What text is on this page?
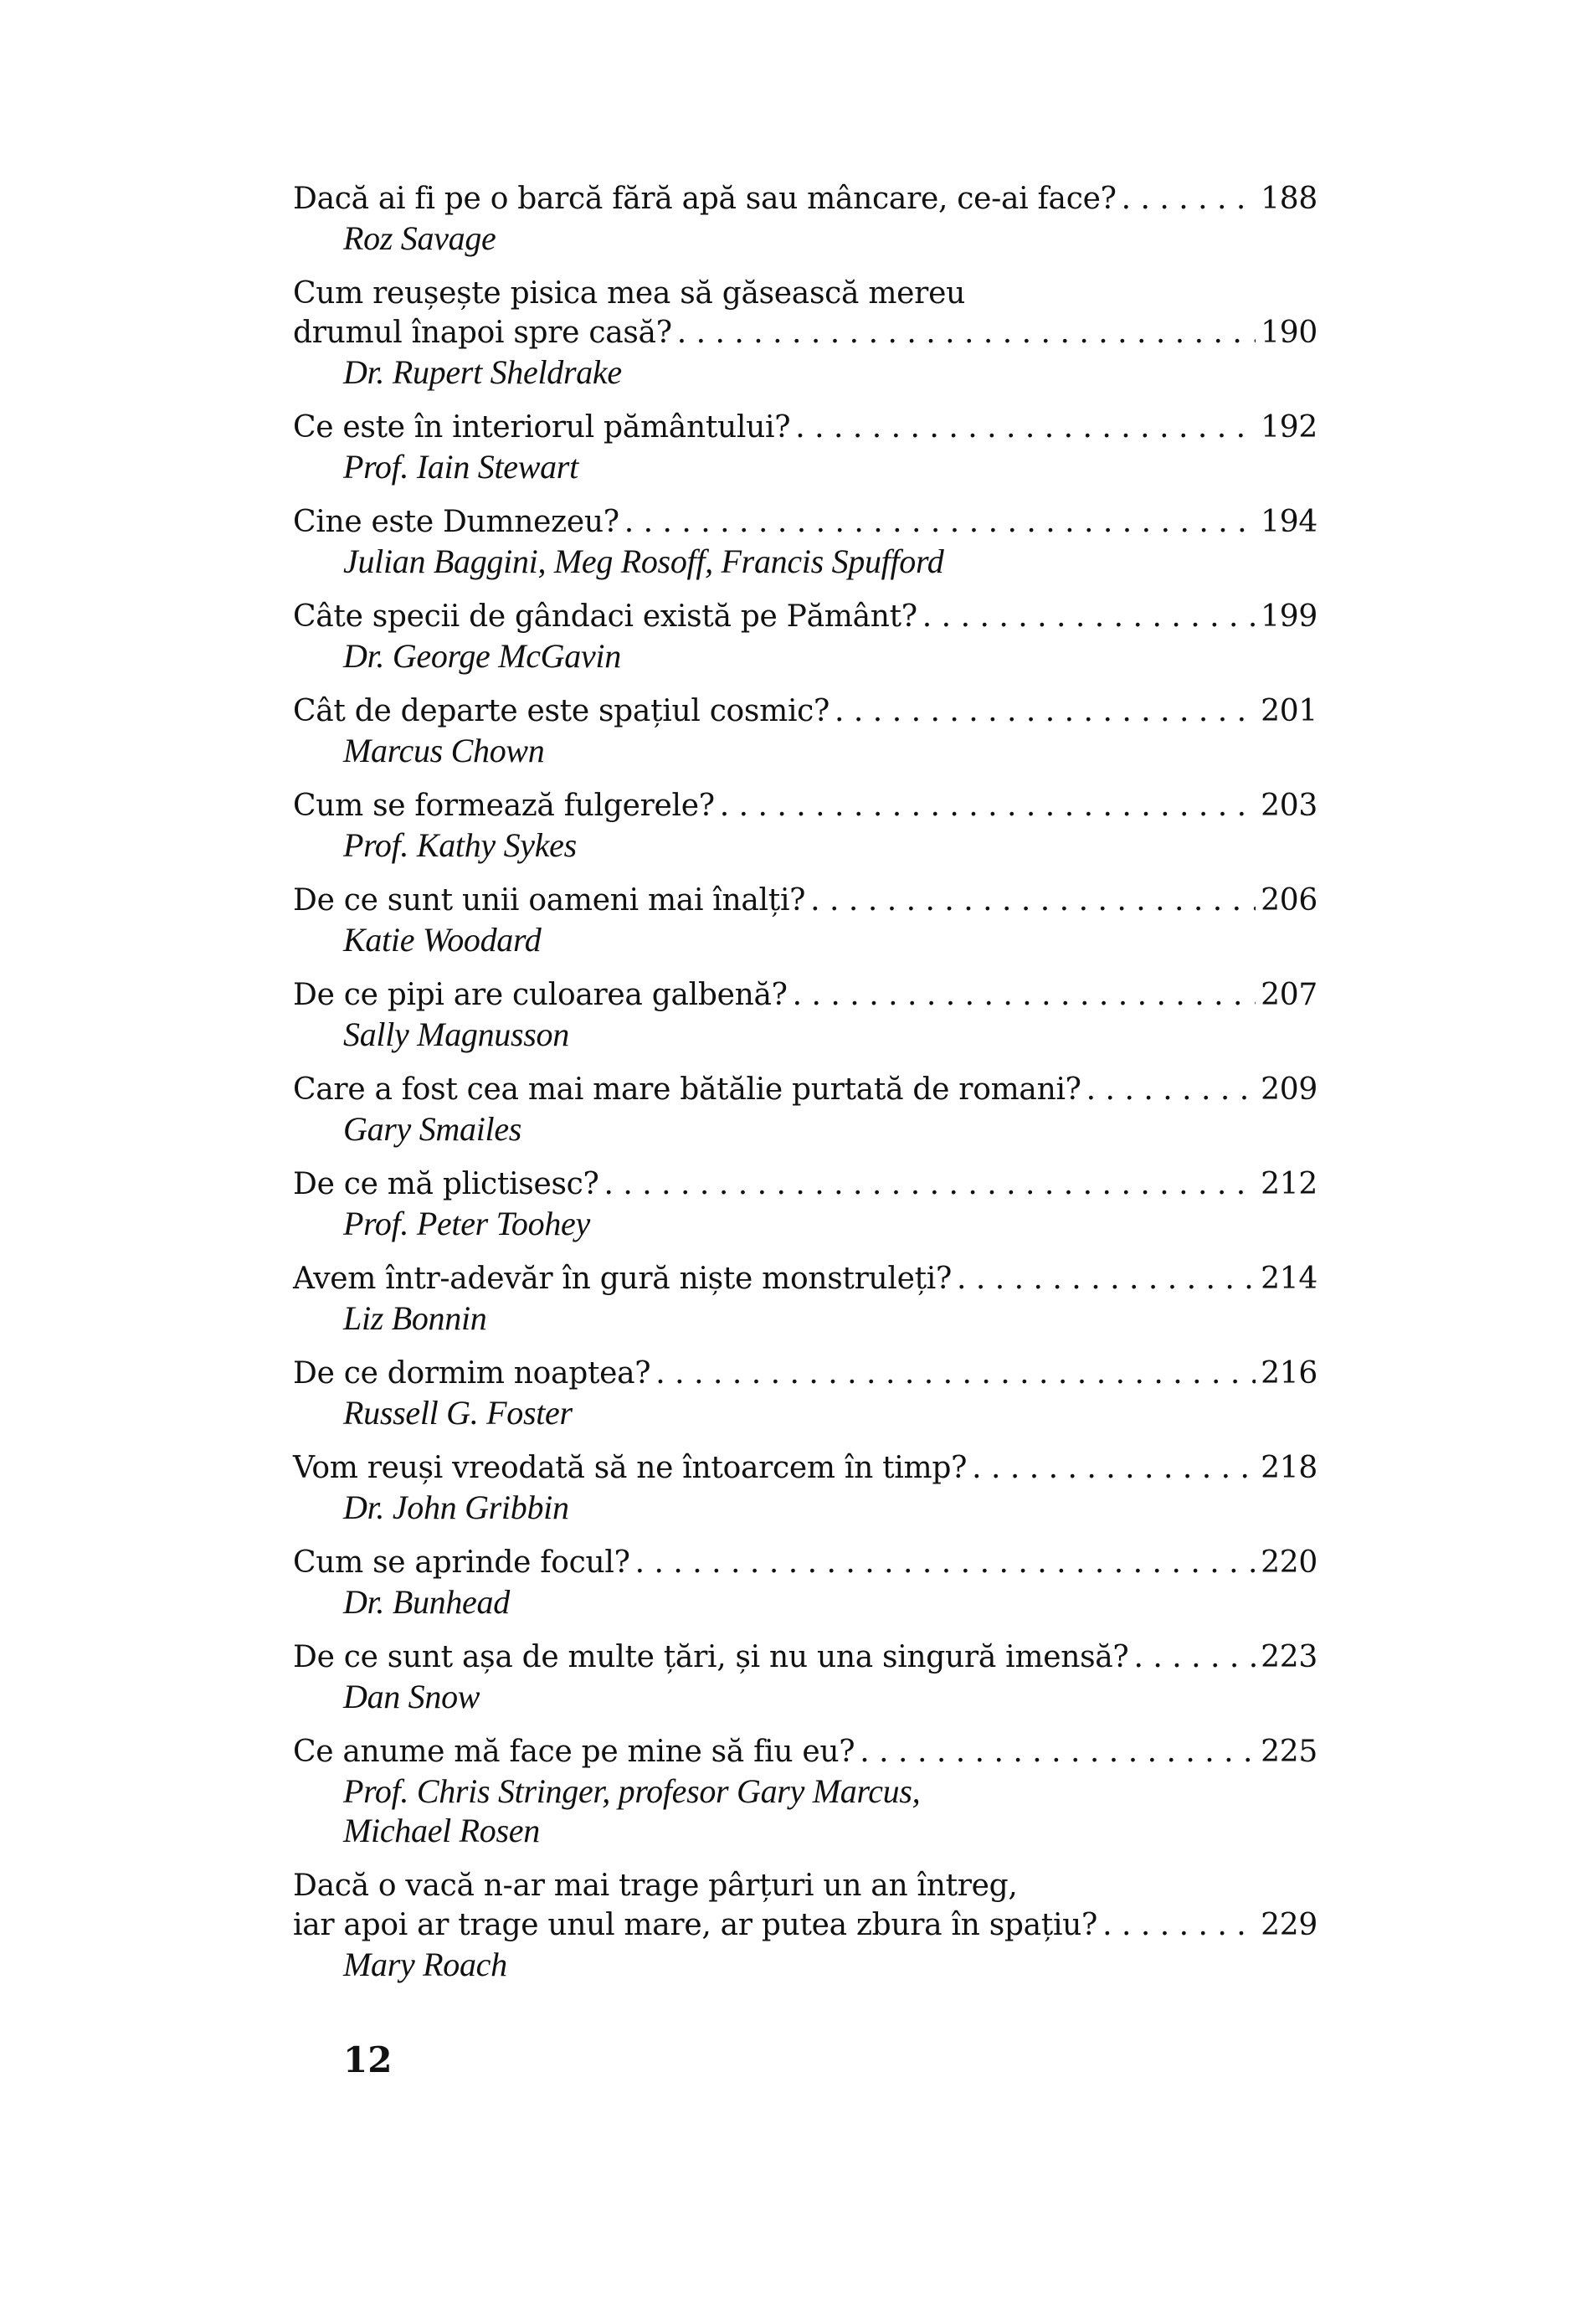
Dacă ai fi pe o barcă fără apă sau mâncare, ce-ai face? . . .	188
Roz Savage
Cum reușește pisica mea să găsească mereu
drumul înapoi spre casă? . . .	190
Dr. Rupert Sheldrake
Ce este în interiorul pământului? . . .	192
Prof. Iain Stewart
Cine este Dumnezeu? . . .	194
Julian Baggini, Meg Rosoff, Francis Spufford
Câte specii de gândaci există pe Pământ? . . .	199
Dr. George McGavin
Cât de departe este spațiul cosmic? . . .	201
Marcus Chown
Cum se formează fulgerele? . . .	203
Prof. Kathy Sykes
De ce sunt unii oameni mai înalți? . . .	206
Katie Woodard
De ce pipi are culoarea galbenă? . . .	207
Sally Magnusson
Care a fost cea mai mare bătălie purtată de romani? . . .	209
Gary Smailes
De ce mă plictisesc? . . .	212
Prof. Peter Toohey
Avem într-adevăr în gură niște monstruleți? . . .	214
Liz Bonnin
De ce dormim noaptea? . . .	216
Russell G. Foster
Vom reuși vreodată să ne întoarcem în timp? . . .	218
Dr. John Gribbin
Cum se aprinde focul? . . .	220
Dr. Bunhead
De ce sunt așa de multe țări, și nu una singură imensă? . . .	223
Dan Snow
Ce anume mă face pe mine să fiu eu? . . .	225
Prof. Chris Stringer, profesor Gary Marcus,
Michael Rosen
Dacă o vacă n-ar mai trage pârțuri un an întreg,
iar apoi ar trage unul mare, ar putea zbura în spațiu? . . .	229
Mary Roach
12
